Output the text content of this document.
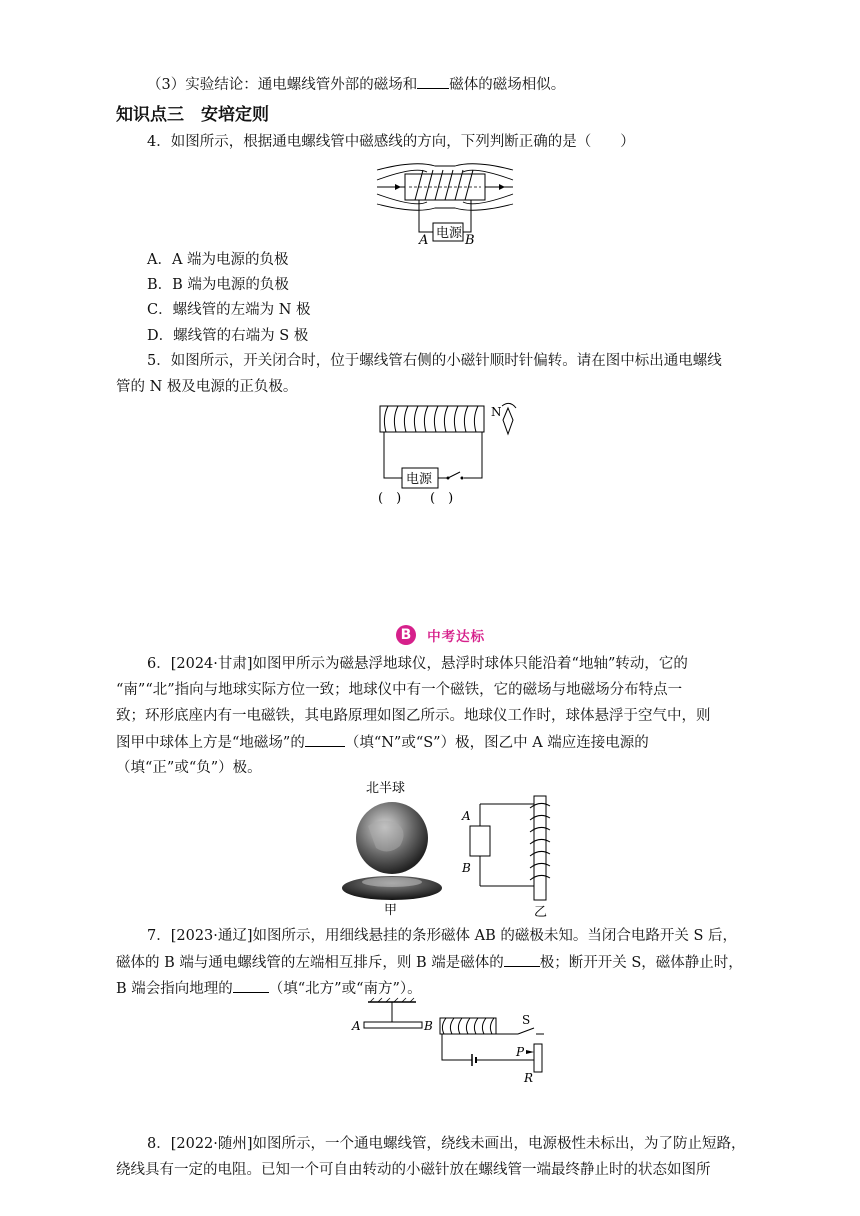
（3）实验结论：通电螺线管外部的磁场和 磁体的磁场相似。
知识点三　安培定则
4．如图所示，根据通电螺线管中磁感线的方向，下列判断正确的是（　　）
电源
A	B
A．A 端为电源的负极
B．B 端为电源的负极
C．螺线管的左端为 N 极
D．螺线管的右端为 S 极
5．如图所示，开关闭合时，位于螺线管右侧的小磁针顺时针偏转。请在图中标出通电螺线
管的 N 极及电源的正负极。
电源
N
(　) (　)
B 中考达标
6．[2024·甘肃]如图甲所示为磁悬浮地球仪，悬浮时球体只能沿着“地轴”转动，它的
“南”“北”指向与地球实际方位一致；地球仪中有一个磁铁，它的磁场与地磁场分布特点一
致；环形底座内有一电磁铁，其电路原理如图乙所示。地球仪工作时，球体悬浮于空气中，则
图甲中球体上方是“地磁场”的	（填“N”或“S”）极，图乙中 A 端应连接电源的
（填“正”或“负”）极。
北半球
甲
A
B
乙
7．[2023·通辽]如图所示，用细线悬挂的条形磁体 AB 的磁极未知。当闭合电路开关 S 后，
磁体的 B 端与通电螺线管的左端相互排斥，则 B 端是磁体的 极；断开开关 S，磁体静止时，
B 端会指向地理的 （填“北方”或“南方”）。
A	B	S
P
R
8．[2022·随州]如图所示，一个通电螺线管，绕线未画出，电源极性未标出，为了防止短路，
绕线具有一定的电阻。已知一个可自由转动的小磁针放在螺线管一端最终静止时的状态如图所
